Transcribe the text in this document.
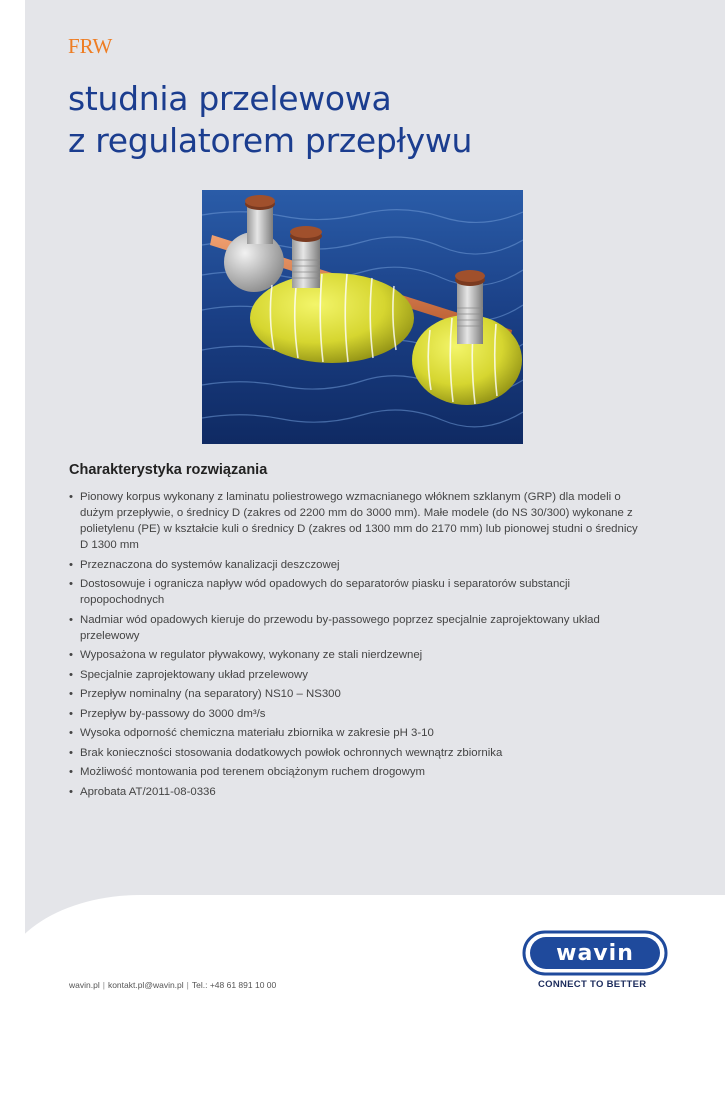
FRW
studnia przelewowa
z regulatorem przepływu
Charakterystyka rozwiązania
• Pionowy korpus wykonany z laminatu poliestrowego wzmacnianego włóknem szklanym (GRP) dla modeli o dużym przepływie, o średnicy D (zakres od 2200 mm do 3000 mm). Małe modele (do NS 30/300) wykonane z polietylenu (PE) w kształcie kuli o średnicy D (zakres od 1300 mm do 2170 mm) lub pionowej studni o średnicy D 1300 mm
• Przeznaczona do systemów kanalizacji deszczowej
• Dostosowuje i ogranicza napływ wód opadowych do separatorów piasku i separatorów substancji ropopochodnych
• Nadmiar wód opadowych kieruje do przewodu by-passowego poprzez specjalnie zaprojektowany układ przelewowy
• Wyposażona w regulator pływakowy, wykonany ze stali nierdzewnej
• Specjalnie zaprojektowany układ przelewowy
• Przepływ nominalny (na separatory) NS10 – NS300
• Przepływ by-passowy do 3000 dm³/s
• Wysoka odporność chemiczna materiału zbiornika w zakresie pH 3-10
• Brak konieczności stosowania dodatkowych powłok ochronnych wewnątrz zbiornika
• Możliwość montowania pod terenem obciążonym ruchem drogowym
• Aprobata AT/2011-08-0336
wavin.pl | kontakt.pl@wavin.pl | Tel.: +48 61 891 10 00
wavin

CONNECT TO BETTER
